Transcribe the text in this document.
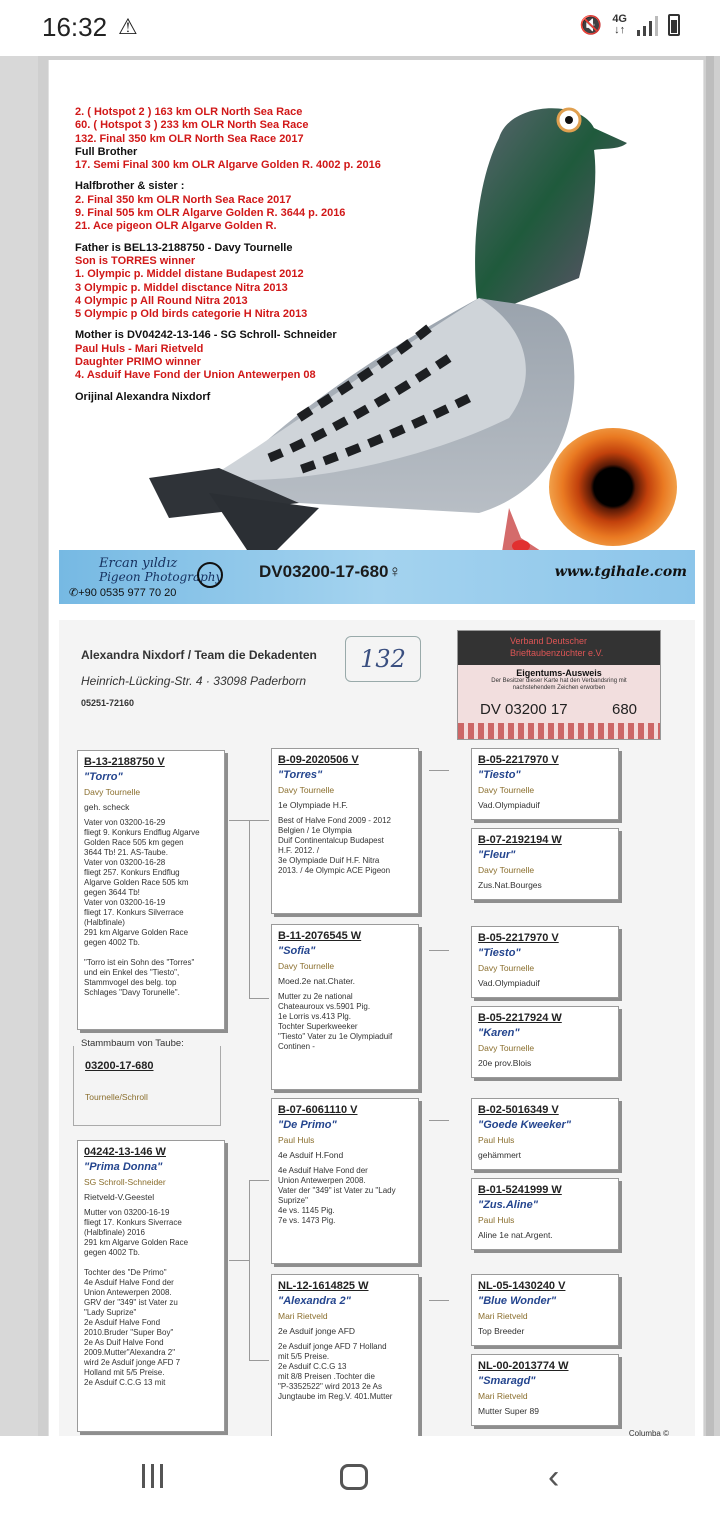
16:32 ⚠	🔇 4G
↓↑
2. ( Hotspot 2 ) 163 km OLR North Sea Race
60. ( Hotspot 3 ) 233 km OLR North Sea Race
132. Final 350 km OLR North Sea Race 2017
Full Brother
17. Semi Final 300 km OLR Algarve Golden R. 4002 p. 2016
Halfbrother & sister :
2. Final 350 km OLR North Sea Race 2017
9. Final 505 km OLR Algarve Golden R. 3644 p. 2016
21. Ace pigeon OLR Algarve Golden R.
Father is BEL13-2188750 - Davy Tournelle
Son is TORRES winner
1. Olympic p. Middel distane Budapest 2012
3 Olympic p. Middel disctance Nitra 2013
4 Olympic p All Round Nitra 2013
5 Olympic p Old birds categorie H Nitra 2013
Mother is DV04242-13-146 - SG Schroll- Schneider
Paul Huls - Mari Rietveld
Daughter PRIMO winner
4. Asduif Have Fond der Union Antewerpen 08
Orijinal Alexandra Nixdorf
Ercan yıldız
Pigeon Photography
✆+90 0535 977 70 20
DV03200-17-680♀	www.tgihale.com
Alexandra Nixdorf / Team die Dekadenten
Heinrich-Lücking-Str. 4 · 33098 Paderborn
05251-72160
132
Verband Deutscher
Brieftaubenzüchter e.V.
Eigentums-Ausweis
Der Besitzer dieser Karte hat den Verbandsring mit nachstehendem Zeichen erworben
DV 03200 17	680
Stammbaum von Taube:
03200-17-680
Tournelle/Schroll
B-13-2188750 V
"Torro"
Davy Tournelle
geh. scheck
Vater von 03200-16-29
fliegt 9. Konkurs Endflug Algarve
Golden Race 505 km gegen
3644 Tb! 21. AS-Taube.
Vater von 03200-16-28
fliegt 257. Konkurs Endflug
Algarve Golden Race 505 km
gegen 3644 Tb!
Vater von 03200-16-19
fliegt 17. Konkurs Silverrace
(Halbfinale)
291 km Algarve Golden Race
gegen 4002 Tb.

"Torro ist ein Sohn des "Torres"
und ein Enkel des "Tiesto",
Stammvogel des belg. top
Schlages "Davy Torunelle".
04242-13-146 W
"Prima Donna"
SG Schroll-Schneider
Rietveld-V.Geestel
Mutter von 03200-16-19
fliegt 17. Konkurs Siverrace
(Halbfinale) 2016
291 km Algarve Golden Race
gegen 4002 Tb.

Tochter des "De Primo"
4e Asduif Halve Fond der
Union Antewerpen 2008.
GRV der "349" ist Vater zu
"Lady Suprize"
2e Asduif Halve Fond
2010.Bruder "Super Boy"
2e As Duif Halve Fond
2009.Mutter"Alexandra 2"
wird 2e Asduif jonge AFD 7
Holland mit 5/5 Preise.
2e Asduif C.C.G 13 mit
B-09-2020506 V
"Torres"
Davy Tournelle
1e Olympiade H.F.
Best of Halve Fond 2009 - 2012
Belgien / 1e Olympia
Duif Continentalcup Budapest
H.F. 2012. /
3e Olympiade Duif H.F. Nitra
2013. / 4e Olympic ACE Pigeon
B-11-2076545 W
"Sofia"
Davy Tournelle
Moed.2e nat.Chater.
Mutter zu 2e national
Chateauroux vs.5901 Pig.
1e Lorris vs.413 Plg.
Tochter Superkweeker
"Tiesto" Vater zu 1e Olympiaduif
Continen -
B-07-6061110 V
"De Primo"
Paul Huls
4e Asduif H.Fond
4e Asduif Halve Fond der
Union Antewerpen 2008.
Vater der "349" ist Vater zu "Lady
Suprize"
4e vs. 1145 Pig.
7e vs. 1473 Pig.
NL-12-1614825 W
"Alexandra 2"
Mari Rietveld
2e Asduif jonge AFD
2e Asduif jonge AFD 7 Holland
mit 5/5 Preise.
2e Asduif C.C.G 13
mit 8/8 Preisen .Tochter die
"P-3352522" wird 2013 2e As
Jungtaube im Reg.V. 401.Mutter
B-05-2217970 V
"Tiesto"
Davy Tournelle
Vad.Olympiaduif
B-07-2192194 W
"Fleur"
Davy Tournelle
Zus.Nat.Bourges
B-05-2217970 V
"Tiesto"
Davy Tournelle
Vad.Olympiaduif
B-05-2217924 W
"Karen"
Davy Tournelle
20e prov.Blois
B-02-5016349 V
"Goede Kweeker"
Paul Huls
gehämmert
B-01-5241999 W
"Zus.Aline"
Paul Huls
Aline 1e nat.Argent.
NL-05-1430240 V
"Blue Wonder"
Mari Rietveld
Top Breeder
NL-00-2013774 W
"Smaragd"
Mari Rietveld
Mutter Super 89
Columba ©
‹
